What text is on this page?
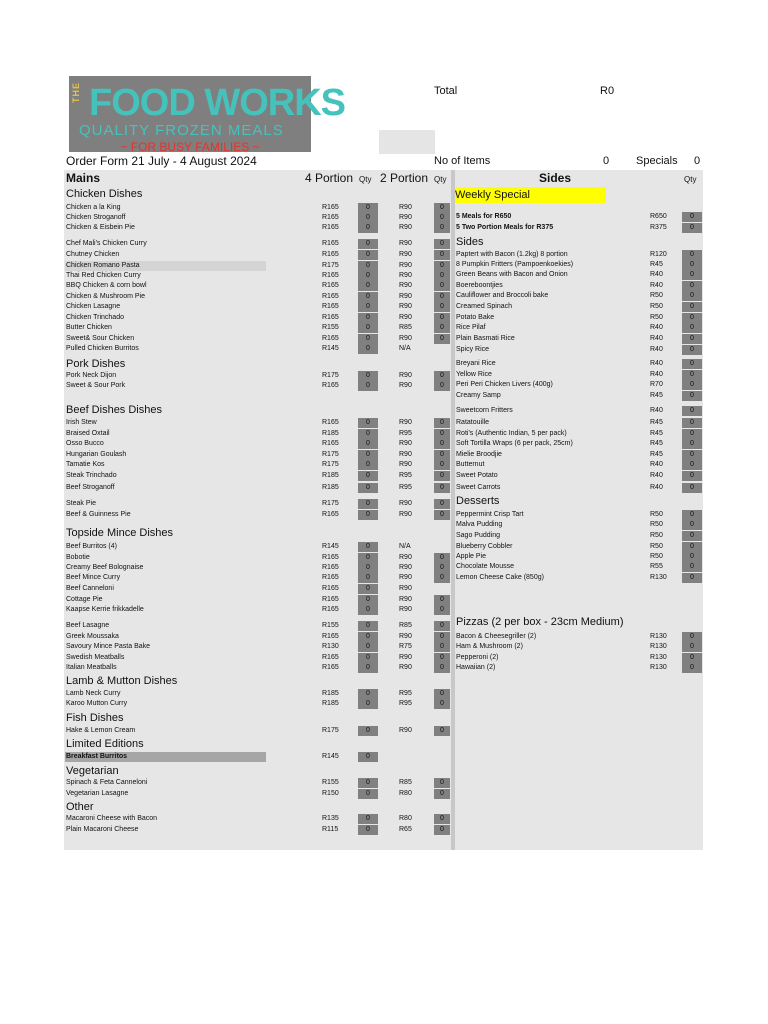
THE FOOD WORKS
QUALITY FROZEN MEALS
~ FOR BUSY FAMILIES ~
Total	R0
Order Form 21 July - 4 August 2024	No of Items	0 Specials 0
Mains	4 Portion Qty 2 Portion Qty	Sides	Qty
Weekly Special
Chicken Dishes
Chicken a la King	R165	0	R90	0
Chicken Stroganoff	R165	0	R90	0
Chicken & Eisbein Pie	R165	0	R90	0
Chef Mali's Chicken Curry	R165	0	R90	0
Chutney Chicken	R165	0	R90	0
Chicken Romano Pasta	R175	0	R90	0
Thai Red Chicken Curry	R165	0	R90	0
BBQ Chicken & corn bowl	R165	0	R90	0
Chicken & Mushroom Pie	R165	0	R90	0
Chicken Lasagne	R165	0	R90	0
Chicken Trinchado	R165	0	R90	0
Butter Chicken	R155	0	R85	0
Sweet& Sour Chicken	R165	0	R90	0
Pulled Chicken Burritos	R145	0	N/A
Pork Dishes
Pork Neck Dijon	R175	0	R90	0
Sweet & Sour Pork	R165	0	R90	0
Beef Dishes Dishes
Irish Stew	R165	0	R90	0
Braised Oxtail	R185	0	R95	0
Osso Bucco	R165	0	R90	0
Hungarian Goulash	R175	0	R90	0
Tamatie Kos	R175	0	R90	0
Steak Trinchado	R185	0	R95	0
Beef Stroganoff	R185	0	R95	0
Steak Pie	R175	0	R90	0
Beef & Guinness Pie	R165	0	R90	0
Topside Mince Dishes
Beef Burritos (4)	R145	0	N/A
Bobotie	R165	0	R90	0
Creamy Beef Bolognaise	R165	0	R90	0
Beef Mince Curry	R165	0	R90	0
Beef Canneloni	R165	0	R90
Cottage Pie	R165	0	R90	0
Kaapse Kerrie frikkadelle	R165	0	R90	0
Beef Lasagne	R155	0	R85	0
Greek Moussaka	R165	0	R90	0
Savoury Mince Pasta Bake	R130	0	R75	0
Swedish Meatballs	R165	0	R90	0
Italian Meatballs	R165	0	R90	0
Lamb & Mutton Dishes
Lamb Neck Curry	R185	0	R95	0
Karoo Mutton Curry	R185	0	R95	0
Fish Dishes
Hake & Lemon Cream	R175	0	R90	0
Limited Editions
Breakfast Burritos	R145	0
Vegetarian
Spinach & Feta Canneloni	R155	0	R85	0
Vegetarian Lasagne	R150	0	R80	0
Other
Macaroni Cheese with Bacon	R135	0	R80	0
Plain Macaroni Cheese	R115	0	R65	0
5 Meals for R650	R650	0
5 Two Portion Meals for R375	R375	0
Sides
Paptert with Bacon (1.2kg) 8 portion	R120	0
8 Pumpkin Fritters (Pampoenkoekies)	R45	0
Green Beans with Bacon and Onion	R40	0
Boereboontjies	R40	0
Cauliflower and Broccoli bake	R50	0
Creamed Spinach	R50	0
Potato Bake	R50	0
Rice Pilaf	R40	0
Plain Basmati Rice	R40	0
Spicy Rice	R40	0
Breyani Rice	R40	0
Yellow Rice	R40	0
Peri Peri Chicken Livers (400g)	R70	0
Creamy Samp	R45	0
Sweetcorn Fritters	R40	0
Ratatouille	R45	0
Roti's (Authentic Indian, 5 per pack)	R45	0
Soft Tortilla Wraps (6 per pack, 25cm)	R45	0
Mielie Broodjie	R45	0
Butternut	R40	0
Sweet Potato	R40	0
Sweet Carrots	R40	0
Desserts
Peppermint Crisp Tart	R50	0
Malva Pudding	R50	0
Sago Pudding	R50	0
Blueberry Cobbler	R50	0
Apple Pie	R50	0
Chocolate Mousse	R55	0
Lemon Cheese Cake (850g)	R130	0
Pizzas (2 per box - 23cm Medium)
Bacon & Cheesegriller (2)	R130	0
Ham & Mushroom (2)	R130	0
Pepperoni (2)	R130	0
Hawaiian (2)	R130	0
